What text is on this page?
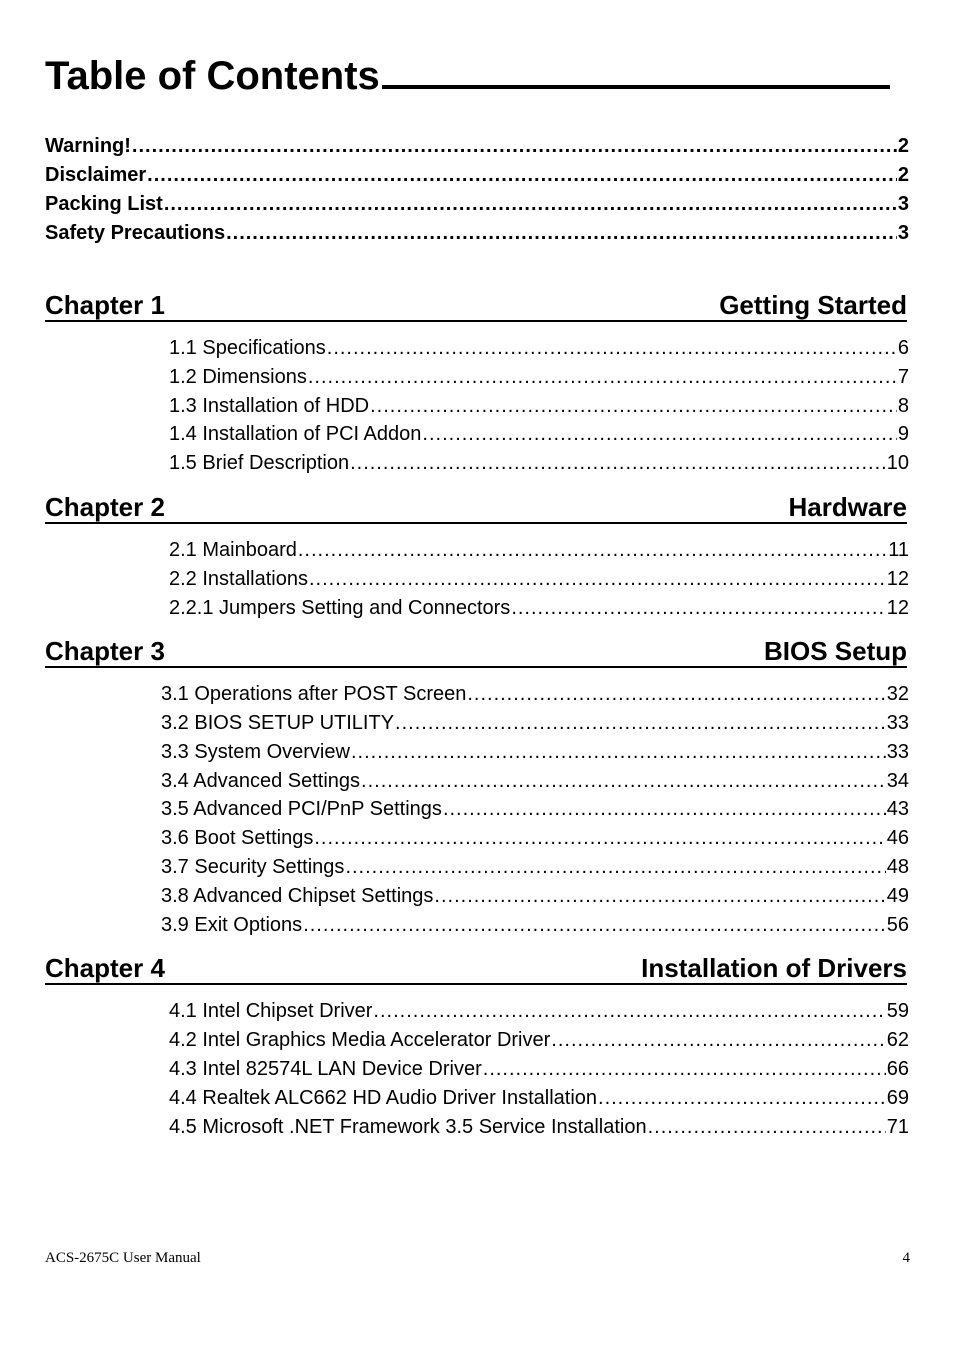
Table of Contents
Warning! .....	2
Disclaimer .....	2
Packing List .....	3
Safety Precautions .....	3
Chapter 1	Getting Started
1.1 Specifications .....	6
1.2 Dimensions .....	7
1.3 Installation of HDD .....	8
1.4 Installation of PCI Addon .....	9
1.5 Brief Description .....	10
Chapter 2	Hardware
2.1 Mainboard .....	11
2.2 Installations .....	12
2.2.1 Jumpers Setting and Connectors .....	12
Chapter 3	BIOS Setup
3.1 Operations after POST Screen .....	32
3.2 BIOS SETUP UTILITY .....	33
3.3 System Overview .....	33
3.4 Advanced Settings .....	34
3.5 Advanced PCI/PnP Settings .....	43
3.6 Boot Settings .....	46
3.7 Security Settings .....	48
3.8 Advanced Chipset Settings .....	49
3.9 Exit Options .....	56
Chapter 4	Installation of Drivers
4.1 Intel Chipset Driver .....	59
4.2 Intel Graphics Media Accelerator Driver .....	62
4.3 Intel 82574L LAN Device Driver .....	66
4.4 Realtek ALC662 HD Audio Driver Installation .....	69
4.5 Microsoft .NET Framework 3.5 Service Installation .....	71
ACS-2675C User Manual	4
